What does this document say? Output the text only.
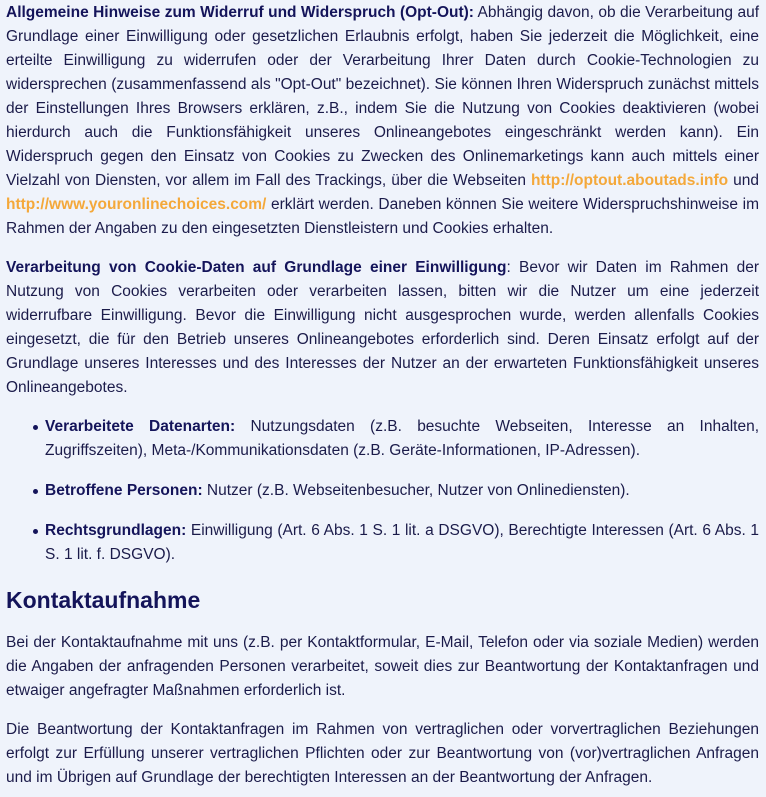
Allgemeine Hinweise zum Widerruf und Widerspruch (Opt-Out): Abhängig davon, ob die Verarbeitung auf Grundlage einer Einwilligung oder gesetzlichen Erlaubnis erfolgt, haben Sie jederzeit die Möglichkeit, eine erteilte Einwilligung zu widerrufen oder der Verarbeitung Ihrer Daten durch Cookie-Technologien zu widersprechen (zusammenfassend als "Opt-Out" bezeichnet). Sie können Ihren Widerspruch zunächst mittels der Einstellungen Ihres Browsers erklären, z.B., indem Sie die Nutzung von Cookies deaktivieren (wobei hierdurch auch die Funktionsfähigkeit unseres Onlineangebotes eingeschränkt werden kann). Ein Widerspruch gegen den Einsatz von Cookies zu Zwecken des Onlinemarketings kann auch mittels einer Vielzahl von Diensten, vor allem im Fall des Trackings, über die Webseiten http://optout.aboutads.info und http://www.youronlinechoices.com/ erklärt werden. Daneben können Sie weitere Widerspruchshinweise im Rahmen der Angaben zu den eingesetzten Dienstleistern und Cookies erhalten.

Verarbeitung von Cookie-Daten auf Grundlage einer Einwilligung: Bevor wir Daten im Rahmen der Nutzung von Cookies verarbeiten oder verarbeiten lassen, bitten wir die Nutzer um eine jederzeit widerrufbare Einwilligung. Bevor die Einwilligung nicht ausgesprochen wurde, werden allenfalls Cookies eingesetzt, die für den Betrieb unseres Onlineangebotes erforderlich sind. Deren Einsatz erfolgt auf der Grundlage unseres Interesses und des Interesses der Nutzer an der erwarteten Funktionsfähigkeit unseres Onlineangebotes.

Verarbeitete Datenarten: Nutzungsdaten (z.B. besuchte Webseiten, Interesse an Inhalten, Zugriffszeiten), Meta-/Kommunikationsdaten (z.B. Geräte-Informationen, IP-Adressen).
Betroffene Personen: Nutzer (z.B. Webseitenbesucher, Nutzer von Onlinediensten).
Rechtsgrundlagen: Einwilligung (Art. 6 Abs. 1 S. 1 lit. a DSGVO), Berechtigte Interessen (Art. 6 Abs. 1 S. 1 lit. f. DSGVO).
Kontaktaufnahme

Bei der Kontaktaufnahme mit uns (z.B. per Kontaktformular, E-Mail, Telefon oder via soziale Medien) werden die Angaben der anfragenden Personen verarbeitet, soweit dies zur Beantwortung der Kontaktanfragen und etwaiger angefragter Maßnahmen erforderlich ist.

Die Beantwortung der Kontaktanfragen im Rahmen von vertraglichen oder vorvertraglichen Beziehungen erfolgt zur Erfüllung unserer vertraglichen Pflichten oder zur Beantwortung von (vor)vertraglichen Anfragen und im Übrigen auf Grundlage der berechtigten Interessen an der Beantwortung der Anfragen.
